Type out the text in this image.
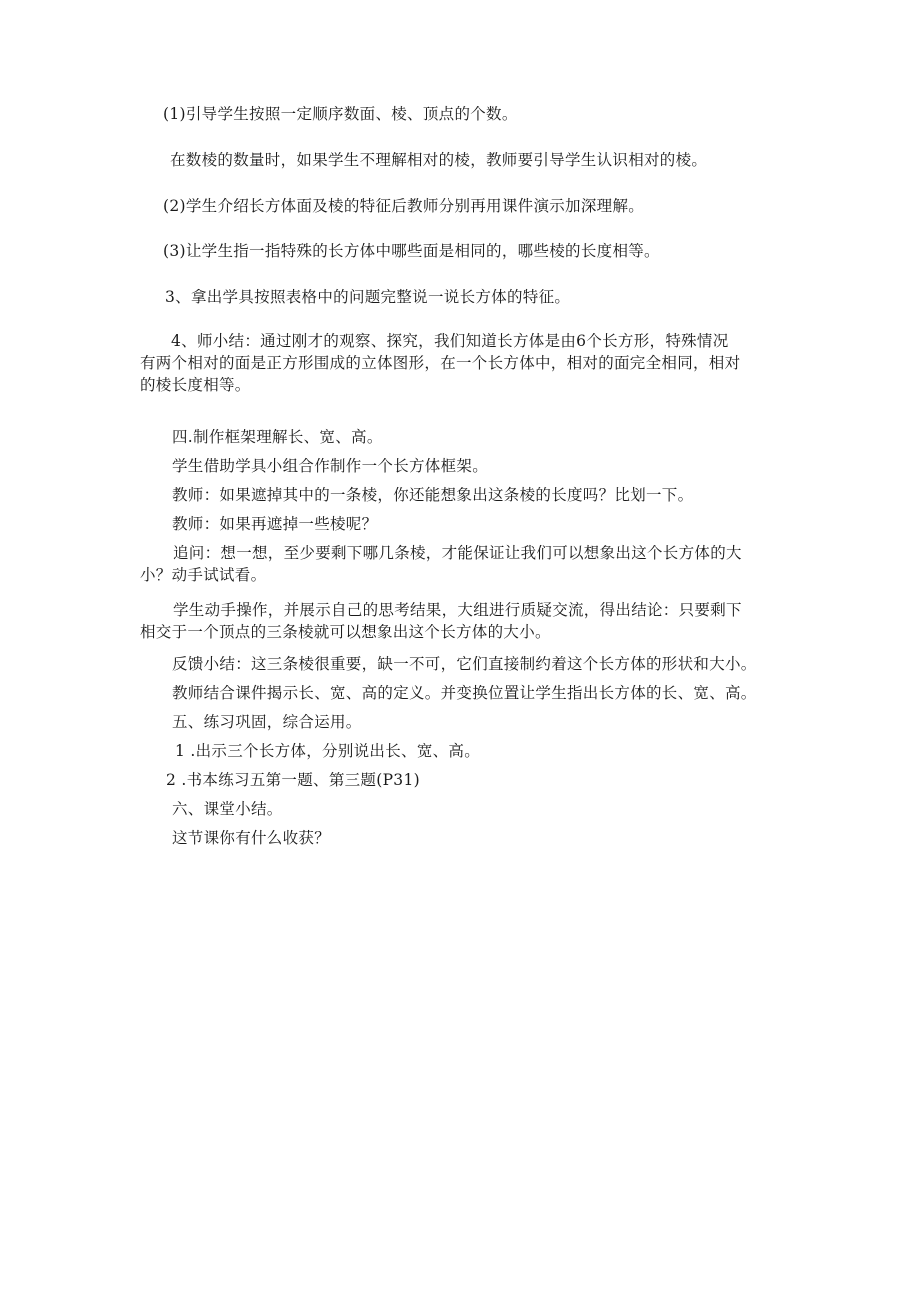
(1)引导学生按照一定顺序数面、棱、顶点的个数。
在数棱的数量时，如果学生不理解相对的棱，教师要引导学生认识相对的棱。
(2)学生介绍长方体面及棱的特征后教师分别再用课件演示加深理解。
(3)让学生指一指特殊的长方体中哪些面是相同的，哪些棱的长度相等。
3、拿出学具按照表格中的问题完整说一说长方体的特征。
4、师小结：通过刚才的观察、探究，我们知道长方体是由6个长方形，特殊情况
有两个相对的面是正方形围成的立体图形，在一个长方体中，相对的面完全相同，相对
的棱长度相等。
四.制作框架理解长、宽、高。
学生借助学具小组合作制作一个长方体框架。
教师：如果遮掉其中的一条棱，你还能想象出这条棱的长度吗？比划一下。
教师：如果再遮掉一些棱呢？
追问：想一想，至少要剩下哪几条棱，才能保证让我们可以想象出这个长方体的大
小？动手试试看。
学生动手操作，并展示自己的思考结果，大组进行质疑交流，得出结论：只要剩下
相交于一个顶点的三条棱就可以想象出这个长方体的大小。
反馈小结：这三条棱很重要，缺一不可，它们直接制约着这个长方体的形状和大小。
教师结合课件揭示长、宽、高的定义。并变换位置让学生指出长方体的长、宽、高。
五、练习巩固，综合运用。
1 .出示三个长方体，分别说出长、宽、高。
2 .书本练习五第一题、第三题(P31)
六、课堂小结。
这节课你有什么收获？
